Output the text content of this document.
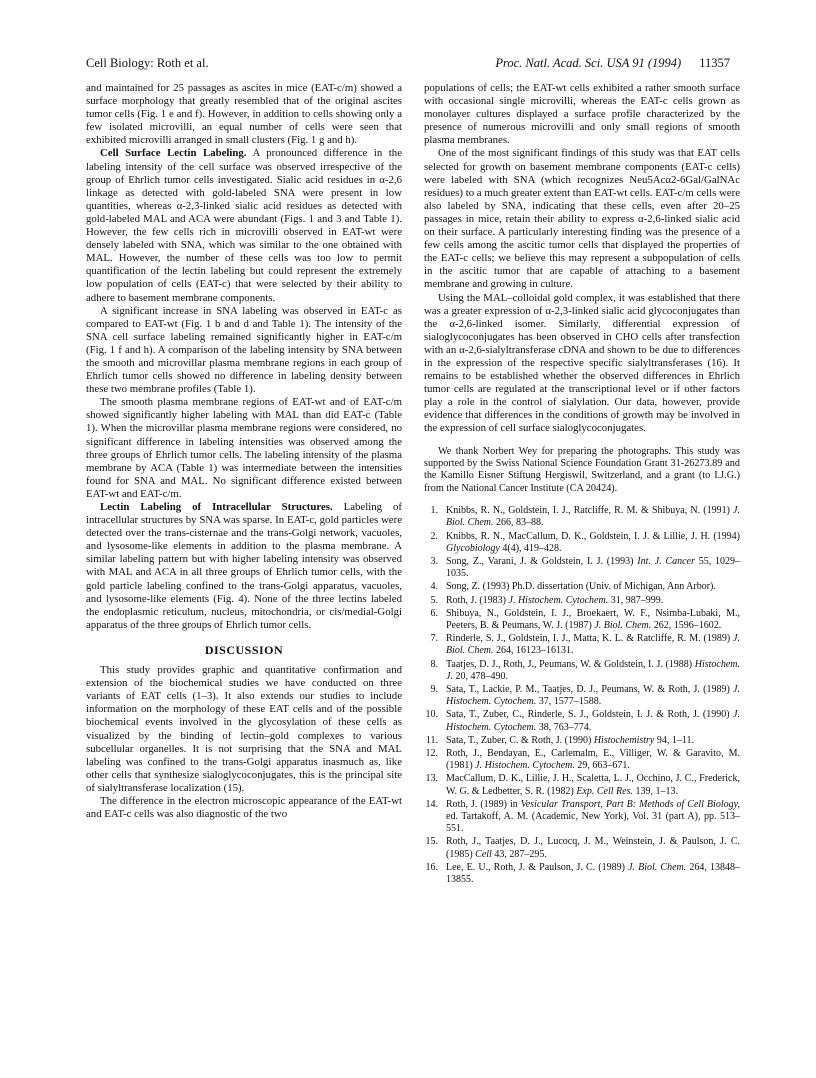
Cell Biology: Roth et al.	Proc. Natl. Acad. Sci. USA 91 (1994) 11357

and maintained for 25 passages as ascites in mice (EAT-c/m) showed a surface morphology that greatly resembled that of the original ascites tumor cells (Fig. 1 e and f). However, in addition to cells showing only a few isolated microvilli, an equal number of cells were seen that exhibited microvilli arranged in small clusters (Fig. 1 g and h).

Cell Surface Lectin Labeling. A pronounced difference in the labeling intensity of the cell surface was observed irrespective of the group of Ehrlich tumor cells investigated. Sialic acid residues in α-2,6 linkage as detected with gold-labeled SNA were present in low quantities, whereas α-2,3-linked sialic acid residues as detected with gold-labeled MAL and ACA were abundant (Figs. 1 and 3 and Table 1). However, the few cells rich in microvilli observed in EAT-wt were densely labeled with SNA, which was similar to the one obtained with MAL. However, the number of these cells was too low to permit quantification of the lectin labeling but could represent the extremely low population of cells (EAT-c) that were selected by their ability to adhere to basement membrane components.

A significant increase in SNA labeling was observed in EAT-c as compared to EAT-wt (Fig. 1 b and d and Table 1). The intensity of the SNA cell surface labeling remained significantly higher in EAT-c/m (Fig. 1 f and h). A comparison of the labeling intensity by SNA between the smooth and microvillar plasma membrane regions in each group of Ehrlich tumor cells showed no difference in labeling density between these two membrane profiles (Table 1).

The smooth plasma membrane regions of EAT-wt and of EAT-c/m showed significantly higher labeling with MAL than did EAT-c (Table 1). When the microvillar plasma membrane regions were considered, no significant difference in labeling intensities was observed among the three groups of Ehrlich tumor cells. The labeling intensity of the plasma membrane by ACA (Table 1) was intermediate between the intensities found for SNA and MAL. No significant difference existed between EAT-wt and EAT-c/m.

Lectin Labeling of Intracellular Structures. Labeling of intracellular structures by SNA was sparse. In EAT-c, gold particles were detected over the trans-cisternae and the trans-Golgi network, vacuoles, and lysosome-like elements in addition to the plasma membrane. A similar labeling pattern but with higher labeling intensity was observed with MAL and ACA in all three groups of Ehrlich tumor cells, with the gold particle labeling confined to the trans-Golgi apparatus, vacuoles, and lysosome-like elements (Fig. 4). None of the three lectins labeled the endoplasmic reticulum, nucleus, mitochondria, or cis/medial-Golgi apparatus of the three groups of Ehrlich tumor cells.

DISCUSSION

This study provides graphic and quantitative confirmation and extension of the biochemical studies we have conducted on three variants of EAT cells (1–3). It also extends our studies to include information on the morphology of these EAT cells and of the possible biochemical events involved in the glycosylation of these cells as visualized by the binding of lectin–gold complexes to various subcellular organelles. It is not surprising that the SNA and MAL labeling was confined to the trans-Golgi apparatus inasmuch as, like other cells that synthesize sialoglycoconjugates, this is the principal site of sialyltransferase localization (15).

The difference in the electron microscopic appearance of the EAT-wt and EAT-c cells was also diagnostic of the two

populations of cells; the EAT-wt cells exhibited a rather smooth surface with occasional single microvilli, whereas the EAT-c cells grown as monolayer cultures displayed a surface profile characterized by the presence of numerous microvilli and only small regions of smooth plasma membranes.

One of the most significant findings of this study was that EAT cells selected for growth on basement membrane components (EAT-c cells) were labeled with SNA (which recognizes Neu5Acα2-6Gal/GalNAc residues) to a much greater extent than EAT-wt cells. EAT-c/m cells were also labeled by SNA, indicating that these cells, even after 20–25 passages in mice, retain their ability to express α-2,6-linked sialic acid on their surface. A particularly interesting finding was the presence of a few cells among the ascitic tumor cells that displayed the properties of the EAT-c cells; we believe this may represent a subpopulation of cells in the ascitic tumor that are capable of attaching to a basement membrane and growing in culture.

Using the MAL–colloidal gold complex, it was established that there was a greater expression of α-2,3-linked sialic acid glycoconjugates than the α-2,6-linked isomer. Similarly, differential expression of sialoglycoconjugates has been observed in CHO cells after transfection with an α-2,6-sialyltransferase cDNA and shown to be due to differences in the expression of the respective specific sialyltransferases (16). It remains to be established whether the observed differences in Ehrlich tumor cells are regulated at the transcriptional level or if other factors play a role in the control of sialylation. Our data, however, provide evidence that differences in the conditions of growth may be involved in the expression of cell surface sialoglycoconjugates.

We thank Norbert Wey for preparing the photographs. This study was supported by the Swiss National Science Foundation Grant 31-26273.89 and the Kamillo Eisner Stiftung Hergiswil, Switzerland, and a grant (to I.J.G.) from the National Cancer Institute (CA 20424).

1. Knibbs, R. N., Goldstein, I. J., Ratcliffe, R. M. & Shibuya, N. (1991) J. Biol. Chem. 266, 83–88.
2. Knibbs, R. N., MacCallum, D. K., Goldstein, I. J. & Lillie, J. H. (1994) Glycobiology 4(4), 419–428.
3. Song, Z., Varani, J. & Goldstein, I. J. (1993) Int. J. Cancer 55, 1029–1035.
4. Song, Z. (1993) Ph.D. dissertation (Univ. of Michigan, Ann Arbor).
5. Roth, J. (1983) J. Histochem. Cytochem. 31, 987–999.
6. Shibuya, N., Goldstein, I. J., Broekaert, W. F., Nsimba-Lubaki, M., Peeters, B. & Peumans, W. J. (1987) J. Biol. Chem. 262, 1596–1602.
7. Rinderle, S. J., Goldstein, I. J., Matta, K. L. & Ratcliffe, R. M. (1989) J. Biol. Chem. 264, 16123–16131.
8. Taatjes, D. J., Roth, J., Peumans, W. & Goldstein, I. J. (1988) Histochem. J. 20, 478–490.
9. Sata, T., Lackie, P. M., Taatjes, D. J., Peumans, W. & Roth, J. (1989) J. Histochem. Cytochem. 37, 1577–1588.
10. Sata, T., Zuber, C., Rinderle, S. J., Goldstein, I. J. & Roth, J. (1990) J. Histochem. Cytochem. 38, 763–774.
11. Sata, T., Zuber, C. & Roth, J. (1990) Histochemistry 94, 1–11.
12. Roth, J., Bendayan, E., Carlemalm, E., Villiger, W. & Garavito, M. (1981) J. Histochem. Cytochem. 29, 663–671.
13. MacCallum, D. K., Lillie, J. H., Scaletta, L. J., Occhino, J. C., Frederick, W. G. & Ledbetter, S. R. (1982) Exp. Cell Res. 139, 1–13.
14. Roth, J. (1989) in Vesicular Transport, Part B: Methods of Cell Biology, ed. Tartakoff, A. M. (Academic, New York), Vol. 31 (part A), pp. 513–551.
15. Roth, J., Taatjes, D. J., Lucocq, J. M., Weinstein, J. & Paulson, J. C. (1985) Cell 43, 287–295.
16. Lee, E. U., Roth, J. & Paulson, J. C. (1989) J. Biol. Chem. 264, 13848–13855.
